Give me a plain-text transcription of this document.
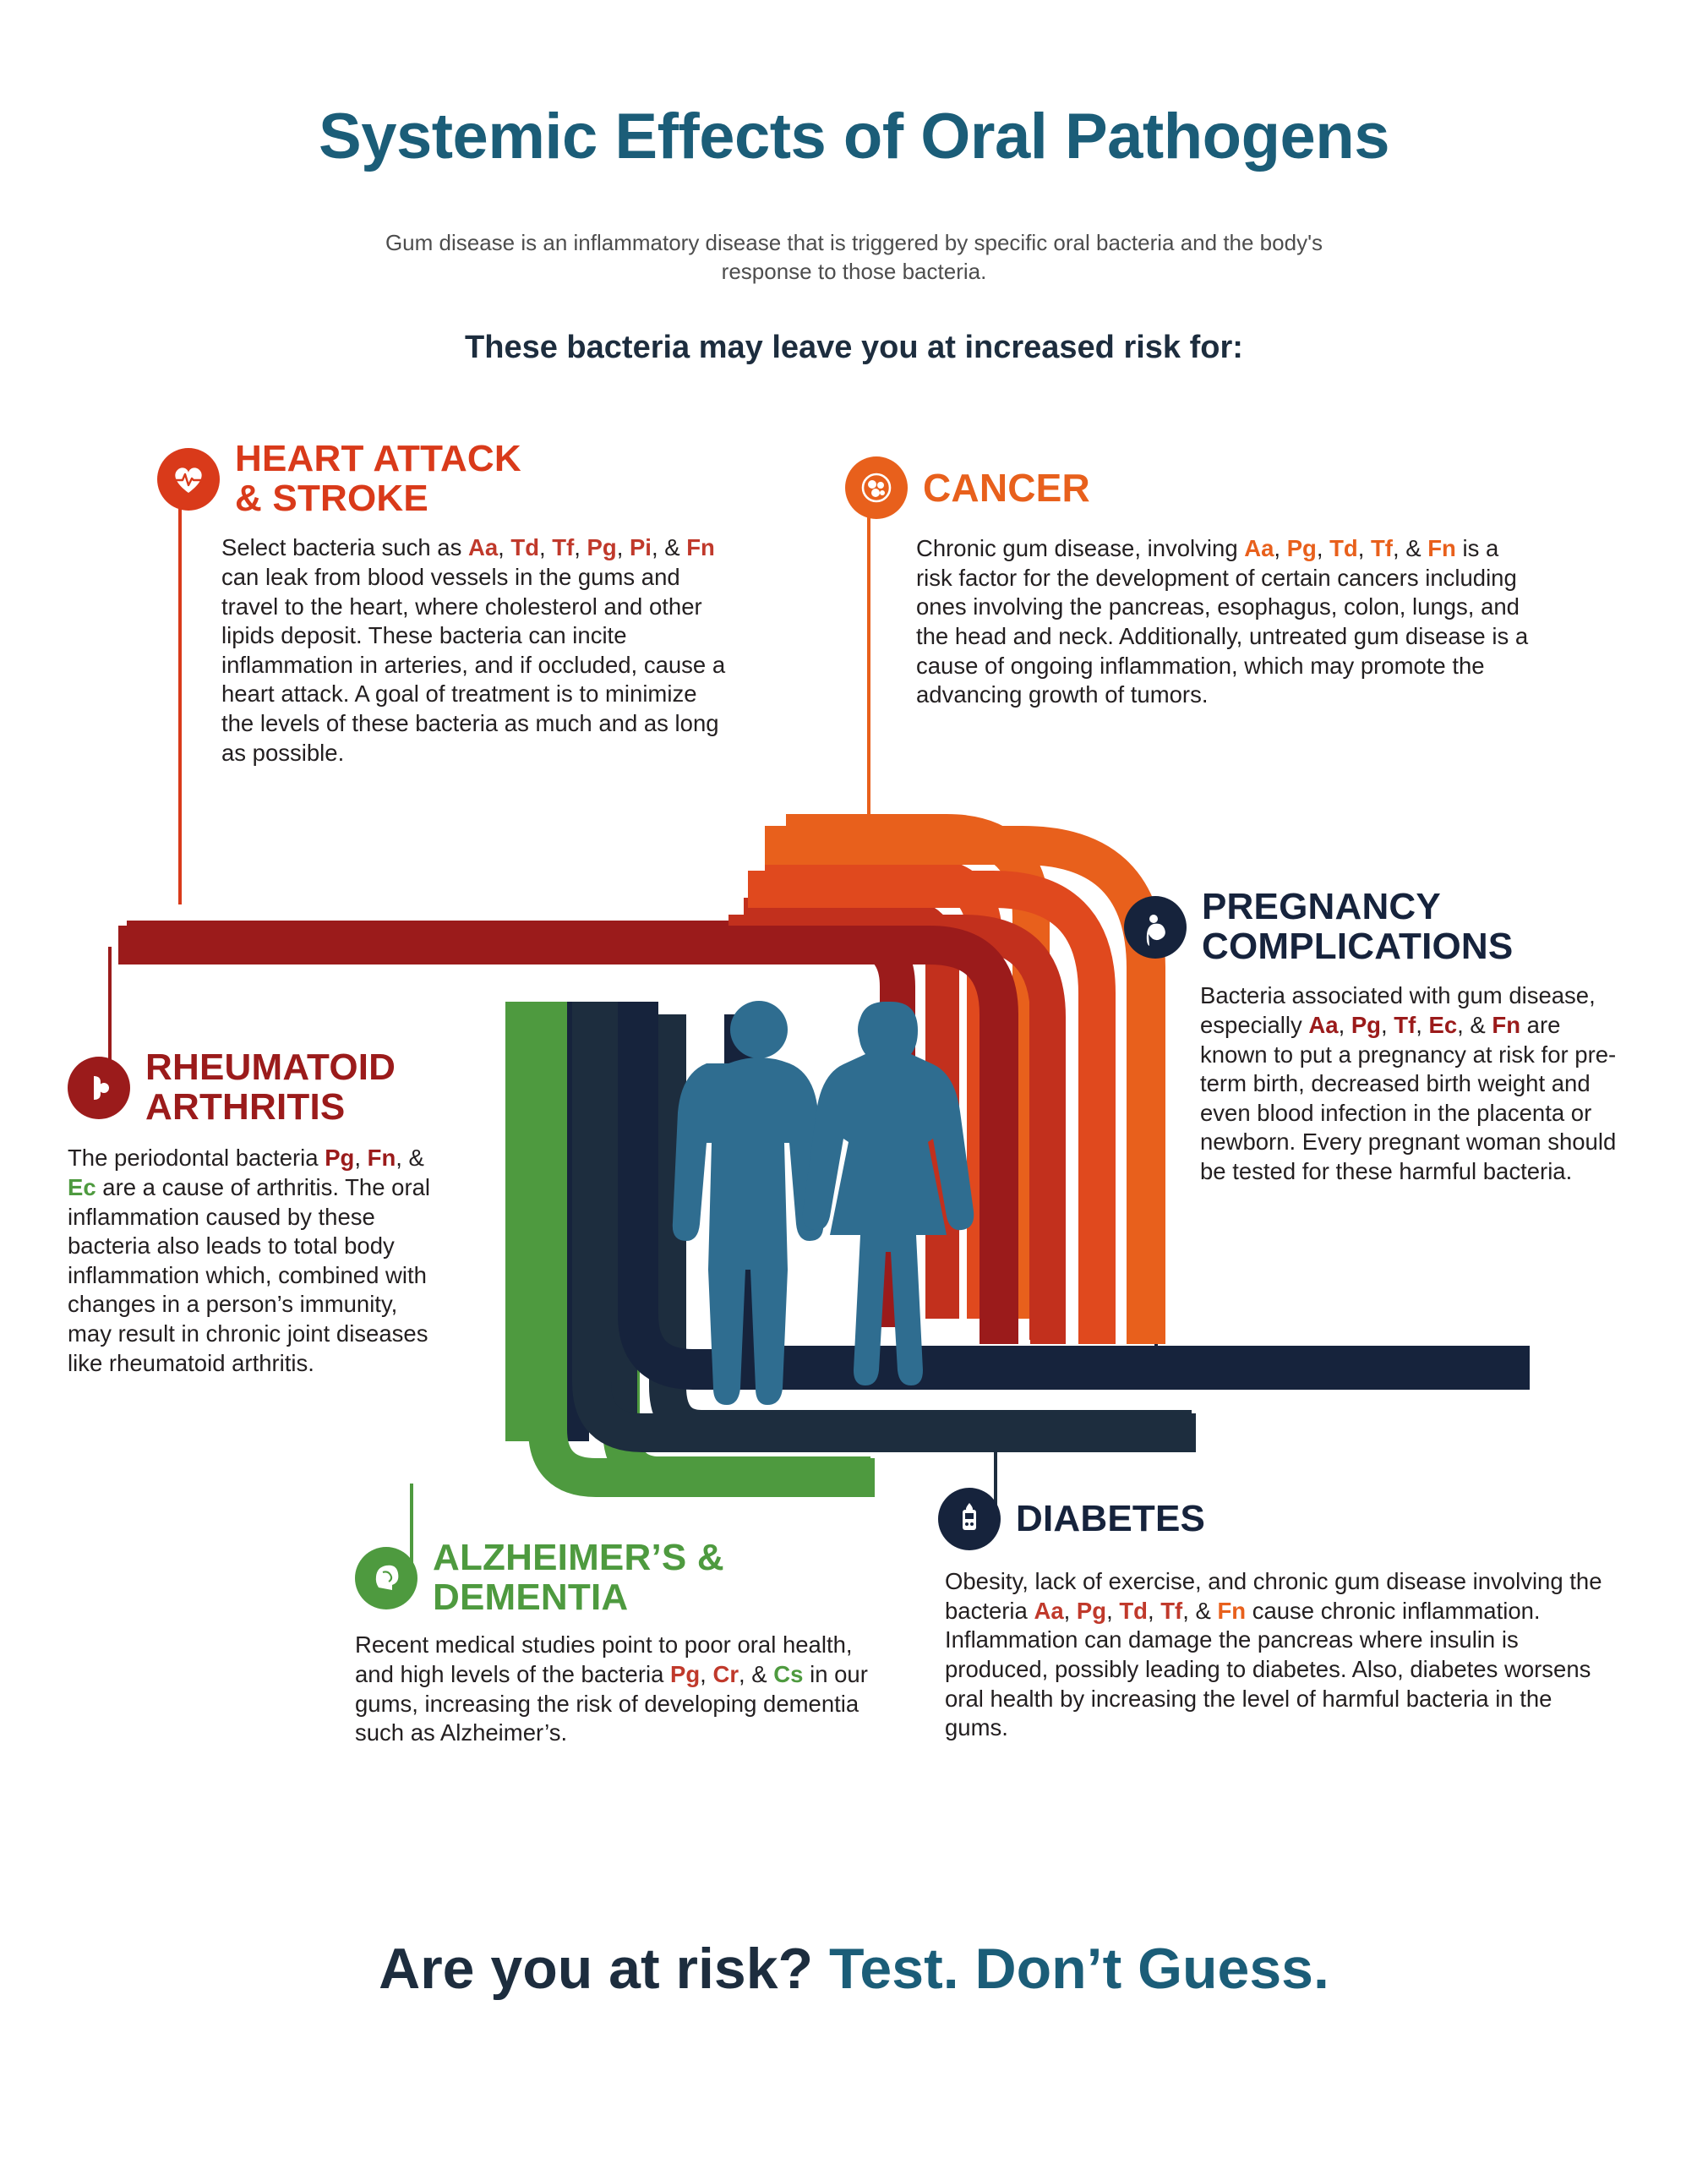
Systemic Effects of Oral Pathogens
Gum disease is an inflammatory disease that is triggered by specific oral bacteria and the body's response to those bacteria.
These bacteria may leave you at increased risk for:
HEART ATTACK
& STROKE
Select bacteria such as Aa, Td, Tf, Pg, Pi, & Fn can leak from blood vessels in the gums and travel to the heart, where cholesterol and other lipids deposit. These bacteria can incite inflammation in arteries, and if occluded, cause a heart attack. A goal of treatment is to minimize the levels of these bacteria as much and as long as possible.
CANCER
Chronic gum disease, involving Aa, Pg, Td, Tf, & Fn is a risk factor for the development of certain cancers including ones involving the pancreas, esophagus, colon, lungs, and the head and neck. Additionally, untreated gum disease is a cause of ongoing inflammation, which may promote the advancing growth of tumors.
PREGNANCY
COMPLICATIONS
Bacteria associated with gum disease, especially Aa, Pg, Tf, Ec, & Fn are known to put a pregnancy at risk for pre-term birth, decreased birth weight and even blood infection in the placenta or newborn. Every pregnant woman should be tested for these harmful bacteria.
RHEUMATOID
ARTHRITIS
The periodontal bacteria Pg, Fn, & Ec are a cause of arthritis. The oral inflammation caused by these bacteria also leads to total body inflammation which, combined with changes in a person’s immunity, may result in chronic joint diseases like rheumatoid arthritis.
ALZHEIMER’S &
DEMENTIA
Recent medical studies point to poor oral health, and high levels of the bacteria Pg, Cr, & Cs in our gums, increasing the risk of developing dementia such as Alzheimer’s.
DIABETES
Obesity, lack of exercise, and chronic gum disease involving the bacteria Aa, Pg, Td, Tf, & Fn cause chronic inflammation. Inflammation can damage the pancreas where insulin is produced, possibly leading to diabetes. Also, diabetes worsens oral health by increasing the level of harmful bacteria in the gums.
Are you at risk? Test. Don’t Guess.
